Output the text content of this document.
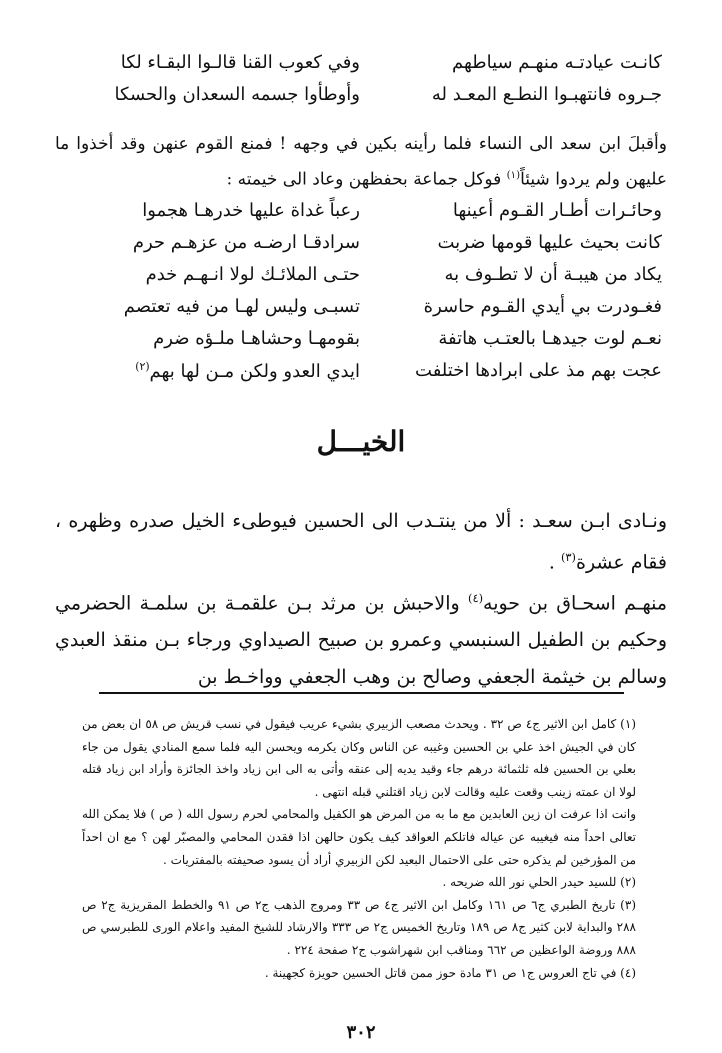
كانـت عيادتـه منهـم سياطهم
وفي كعوب القنا قالـوا البقـاء لكا
جـروه فانتهبـوا النطـع المعـد له
وأوطأوا جسمه السعدان والحسكا

وأقبلَ ابن سعد الى النساء فلما رأينه بكين في وجهه ! فمنع القوم عنهن وقد أخذوا ما عليهن ولم يردوا شيئاً$^{(١)}$ فوكل جماعة بحفظهن وعاد الى خيمته :

وحائـرات أطـار القـوم أعينها
رعباً غداة عليها خدرهـا هجموا
كانت بحيث عليها قومها ضربت
سرادقـا ارضـه من عزهـم حرم
يكاد من هيبـة أن لا تطـوف به
حتـى الملائـك لولا انـهـم خدم
فغـودرت بي أيدي القـوم حاسرة
تسبـى وليس لهـا من فيه تعتصم
نعـم لوت جيدهـا بالعتـب هاتفة
بقومهـا وحشاهـا ملـؤه ضرم
عجت بهم مذ على ابرادها اختلفت
ايدي العدو ولكن مـن لها بهم$^{(٢)}$
الخيـــل

ونـادى ابـن سعـد : ألا من ينتـدب الى الحسين فيوطىء الخيل صدره وظهره ، فقام عشرة$^{(٣)}$ .

منهـم اسحـاق بن حويه$^{(٤)}$ والاحبش بن مرثد بـن علقمـة بن سلمـة الحضرمي وحكيم بن الطفيل السنبسي وعمرو بن صبيح الصيداوي ورجاء بـن منقذ العبدي وسالم بن خيثمة الجعفي وصالح بن وهب الجعفي وواخـط بن

(١) كامل ابن الاثير ج٤ ص ٣٢ . ويحدث مصعب الزبيري بشيء عريب فيقول في نسب قريش ص ٥٨ ان بعض من كان في الجيش اخذ علي بن الحسين وغيبه عن الناس وكان يكرمه ويحسن اليه فلما سمع المنادي يقول من جاء بعلي بن الحسين فله ثلثمائة درهم جاء وقيد يديه إلى عنقه وأتى به الى ابن زياد واخذ الجائزة وأراد ابن زياد قتله لولا ان عمته زينب وقعت عليه وقالت لابن زياد اقتلني قبله انتهى .

وانت اذا عرفت ان زين العابدين مع ما به من المرض هو الكفيل والمحامي لحرم رسول الله ( ص ) فلا يمكن الله تعالى احداً منه فيغيبه عن عياله فاتلكم العواقد كيف يكون حالهن اذا فقدن المحامي والمصبّر لهن ؟ مع ان احداً من المؤرخين لم يذكره حتى على الاحتمال البعيد لكن الزبيري أراد أن يسود صحيفته بالمفتريات .

(٢) للسيد حيدر الحلي نور الله ضريحه .

(٣) تاريخ الطبري ج٦ ص ١٦١ وكامل ابن الاثير ج٤ ص ٣٣ ومروج الذهب ج٢ ص ٩١ والخطط المقريزية ج٢ ص ٢٨٨ والبداية لابن كثير ج٨ ص ١٨٩ وتاريخ الخميس ج٢ ص ٣٣٣ والارشاد للشيخ المفيد واعلام الورى للطبرسي ص ٨٨٨ وروضة الواعظين ص ٦٦٢ ومناقب ابن شهراشوب ج٢ صفحة ٢٢٤ .

(٤) في تاج العروس ج١ ص ٣١ مادة حوز ممن قاتل الحسين حويزة كجهينة .

٣٠٢
